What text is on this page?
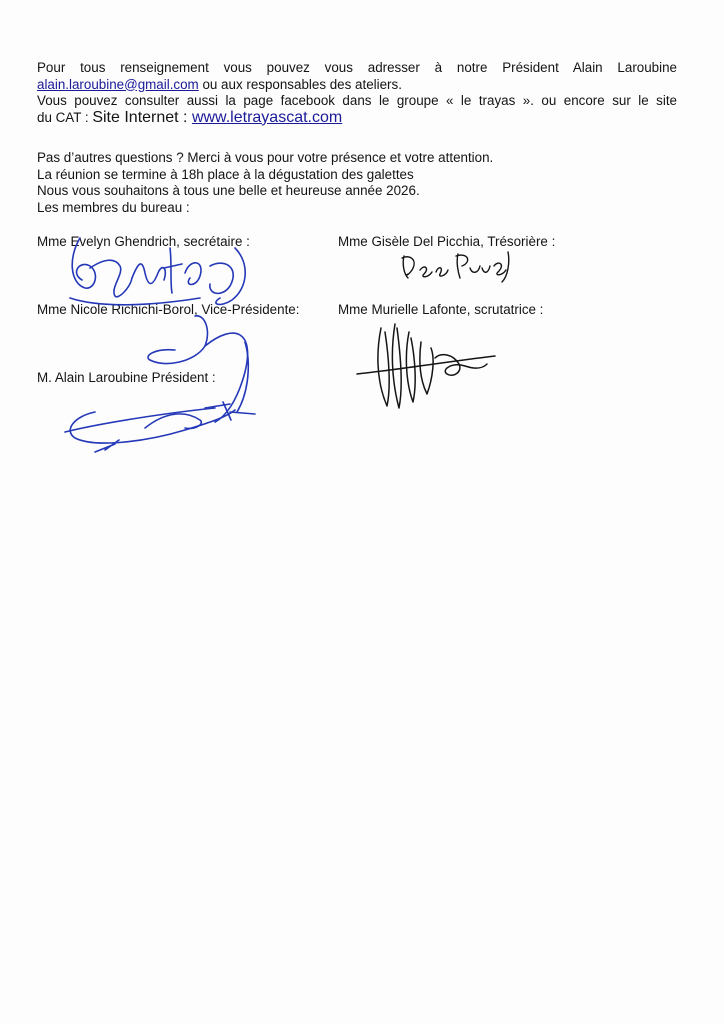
Pour tous renseignement vous pouvez vous adresser à notre Président Alain Laroubine
alain.laroubine@gmail.com ou aux responsables des ateliers.
Vous pouvez consulter aussi la page facebook dans le groupe « le trayas ». ou encore sur le site
du CAT : Site Internet : www.letrayascat.com
Pas d’autres questions ? Merci à vous pour votre présence et votre attention.
La réunion se termine à 18h place à la dégustation des galettes
Nous vous souhaitons à tous une belle et heureuse année 2026.
Les membres du bureau :
Mme Evelyn Ghendrich, secrétaire :	Mme Gisèle Del Picchia, Trésorière :
Mme Nicole Richichi-Borol, Vice-Présidente:	Mme Murielle Lafonte, scrutatrice :
M. Alain Laroubine Président :
